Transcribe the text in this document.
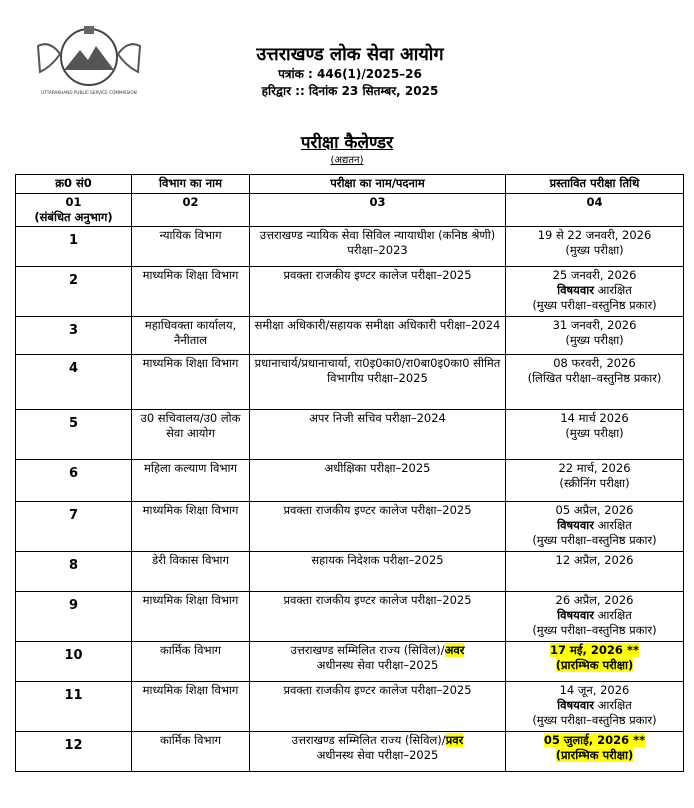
UTTARAKHAND PUBLIC SERVICE COMMISSION
उत्तराखण्ड लोक सेवा आयोग
पत्रांक : 446(1)/2025–26
हरिद्वार :: दिनांक 23 सितम्बर, 2025
परीक्षा कैलेण्डर
(अद्यतन)
क्र0 सं0	विभाग का नाम	परीक्षा का नाम/पदनाम	प्रस्तावित परीक्षा तिथि
01
(संबंधित अनुभाग)	02	03	04
1	न्यायिक विभाग	उत्तराखण्ड न्यायिक सेवा सिविल न्यायाधीश (कनिष्ठ श्रेणी) परीक्षा–2023	19 से 22 जनवरी, 2026
(मुख्य परीक्षा)
2	माध्यमिक शिक्षा विभाग	प्रवक्ता राजकीय इण्टर कालेज परीक्षा–2025	25 जनवरी, 2026
विषयवार आरक्षित
(मुख्य परीक्षा–वस्तुनिष्ठ प्रकार)
3	महाधिवक्ता कार्यालय, नैनीताल	समीक्षा अधिकारी/सहायक समीक्षा अधिकारी परीक्षा–2024	31 जनवरी, 2026
(मुख्य परीक्षा)
4	माध्यमिक शिक्षा विभाग	प्रधानाचार्य/प्रधानाचार्या, रा0इ0का0/रा0बा0इ0का0 सीमित विभागीय परीक्षा–2025	08 फरवरी, 2026
(लिखित परीक्षा–वस्तुनिष्ठ प्रकार)
5	उ0 सचिवालय/उ0 लोक सेवा आयोग	अपर निजी सचिव परीक्षा–2024	14 मार्च 2026
(मुख्य परीक्षा)
6	महिला कल्याण विभाग	अधीक्षिका परीक्षा–2025	22 मार्च, 2026
(स्क्रीनिंग परीक्षा)
7	माध्यमिक शिक्षा विभाग	प्रवक्ता राजकीय इण्टर कालेज परीक्षा–2025	05 अप्रैल, 2026
विषयवार आरक्षित
(मुख्य परीक्षा–वस्तुनिष्ठ प्रकार)
8	डेरी विकास विभाग	सहायक निदेशक परीक्षा–2025	12 अप्रैल, 2026
9	माध्यमिक शिक्षा विभाग	प्रवक्ता राजकीय इण्टर कालेज परीक्षा–2025	26 अप्रैल, 2026
विषयवार आरक्षित
(मुख्य परीक्षा–वस्तुनिष्ठ प्रकार)
10	कार्मिक विभाग	उत्तराखण्ड सम्मिलित राज्य (सिविल)/अवर
अधीनस्थ सेवा परीक्षा–2025	17 मई, 2026 **
(प्रारम्भिक परीक्षा)
11	माध्यमिक शिक्षा विभाग	प्रवक्ता राजकीय इण्टर कालेज परीक्षा–2025	14 जून, 2026
विषयवार आरक्षित
(मुख्य परीक्षा–वस्तुनिष्ठ प्रकार)
12	कार्मिक विभाग	उत्तराखण्ड सम्मिलित राज्य (सिविल)/प्रवर
अधीनस्थ सेवा परीक्षा–2025	05 जुलाई, 2026 **
(प्रारम्भिक परीक्षा)
